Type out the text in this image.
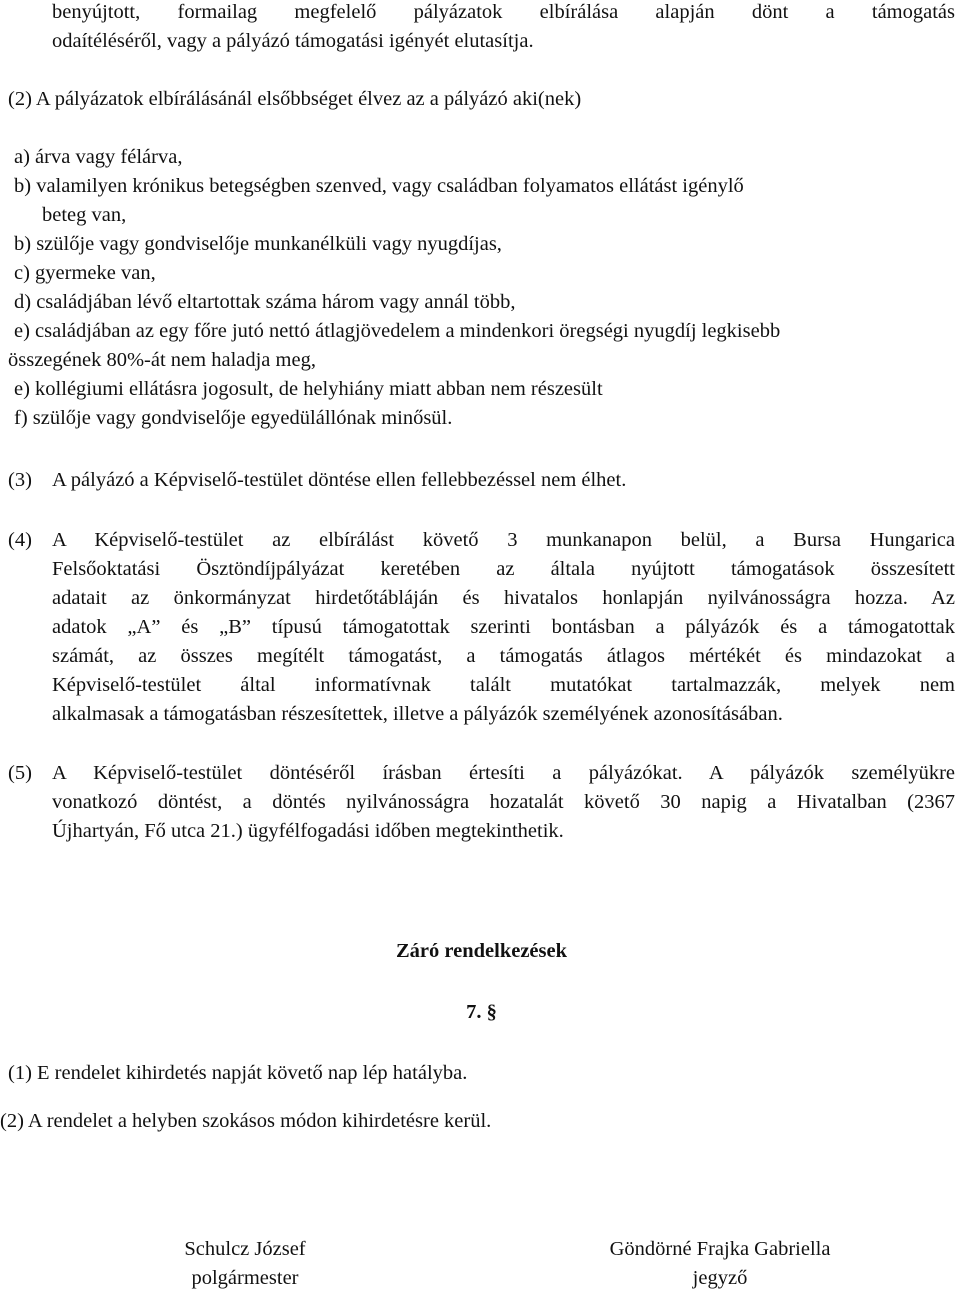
benyújtott, formailag megfelelő pályázatok elbírálása alapján dönt a támogatás
odaítéléséről, vagy a pályázó támogatási igényét elutasítja.
(2) A pályázatok elbírálásánál elsőbbséget élvez az a pályázó aki(nek)
a) árva vagy félárva,
b) valamilyen krónikus betegségben szenved, vagy családban folyamatos ellátást igénylő
beteg van,
b) szülője vagy gondviselője munkanélküli vagy nyugdíjas,
c) gyermeke van,
d) családjában lévő eltartottak száma három vagy annál több,
e) családjában az egy főre jutó nettó átlagjövedelem a mindenkori öregségi nyugdíj legkisebb
összegének 80%-át nem haladja meg,
e) kollégiumi ellátásra jogosult, de helyhiány miatt abban nem részesült
f) szülője vagy gondviselője egyedülállónak minősül.
(3) A pályázó a Képviselő-testület döntése ellen fellebbezéssel nem élhet.
(4) A Képviselő-testület az elbírálást követő 3 munkanapon belül, a Bursa Hungarica
Felsőoktatási Ösztöndíjpályázat keretében az általa nyújtott támogatások összesített
adatait az önkormányzat hirdetőtábláján és hivatalos honlapján nyilvánosságra hozza. Az
adatok „A” és „B” típusú támogatottak szerinti bontásban a pályázók és a támogatottak
számát, az összes megítélt támogatást, a támogatás átlagos mértékét és mindazokat a
Képviselő-testület által informatívnak talált mutatókat tartalmazzák, melyek nem
alkalmasak a támogatásban részesítettek, illetve a pályázók személyének azonosításában.
(5) A Képviselő-testület döntéséről írásban értesíti a pályázókat. A pályázók személyükre
vonatkozó döntést, a döntés nyilvánosságra hozatalát követő 30 napig a Hivatalban (2367
Újhartyán, Fő utca 21.) ügyfélfogadási időben megtekinthetik.
Záró rendelkezések
7. §
(1) E rendelet kihirdetés napját követő nap lép hatályba.
(2) A rendelet a helyben szokásos módon kihirdetésre kerül.
Schulcz József
polgármester
Göndörné Frajka Gabriella
jegyző
